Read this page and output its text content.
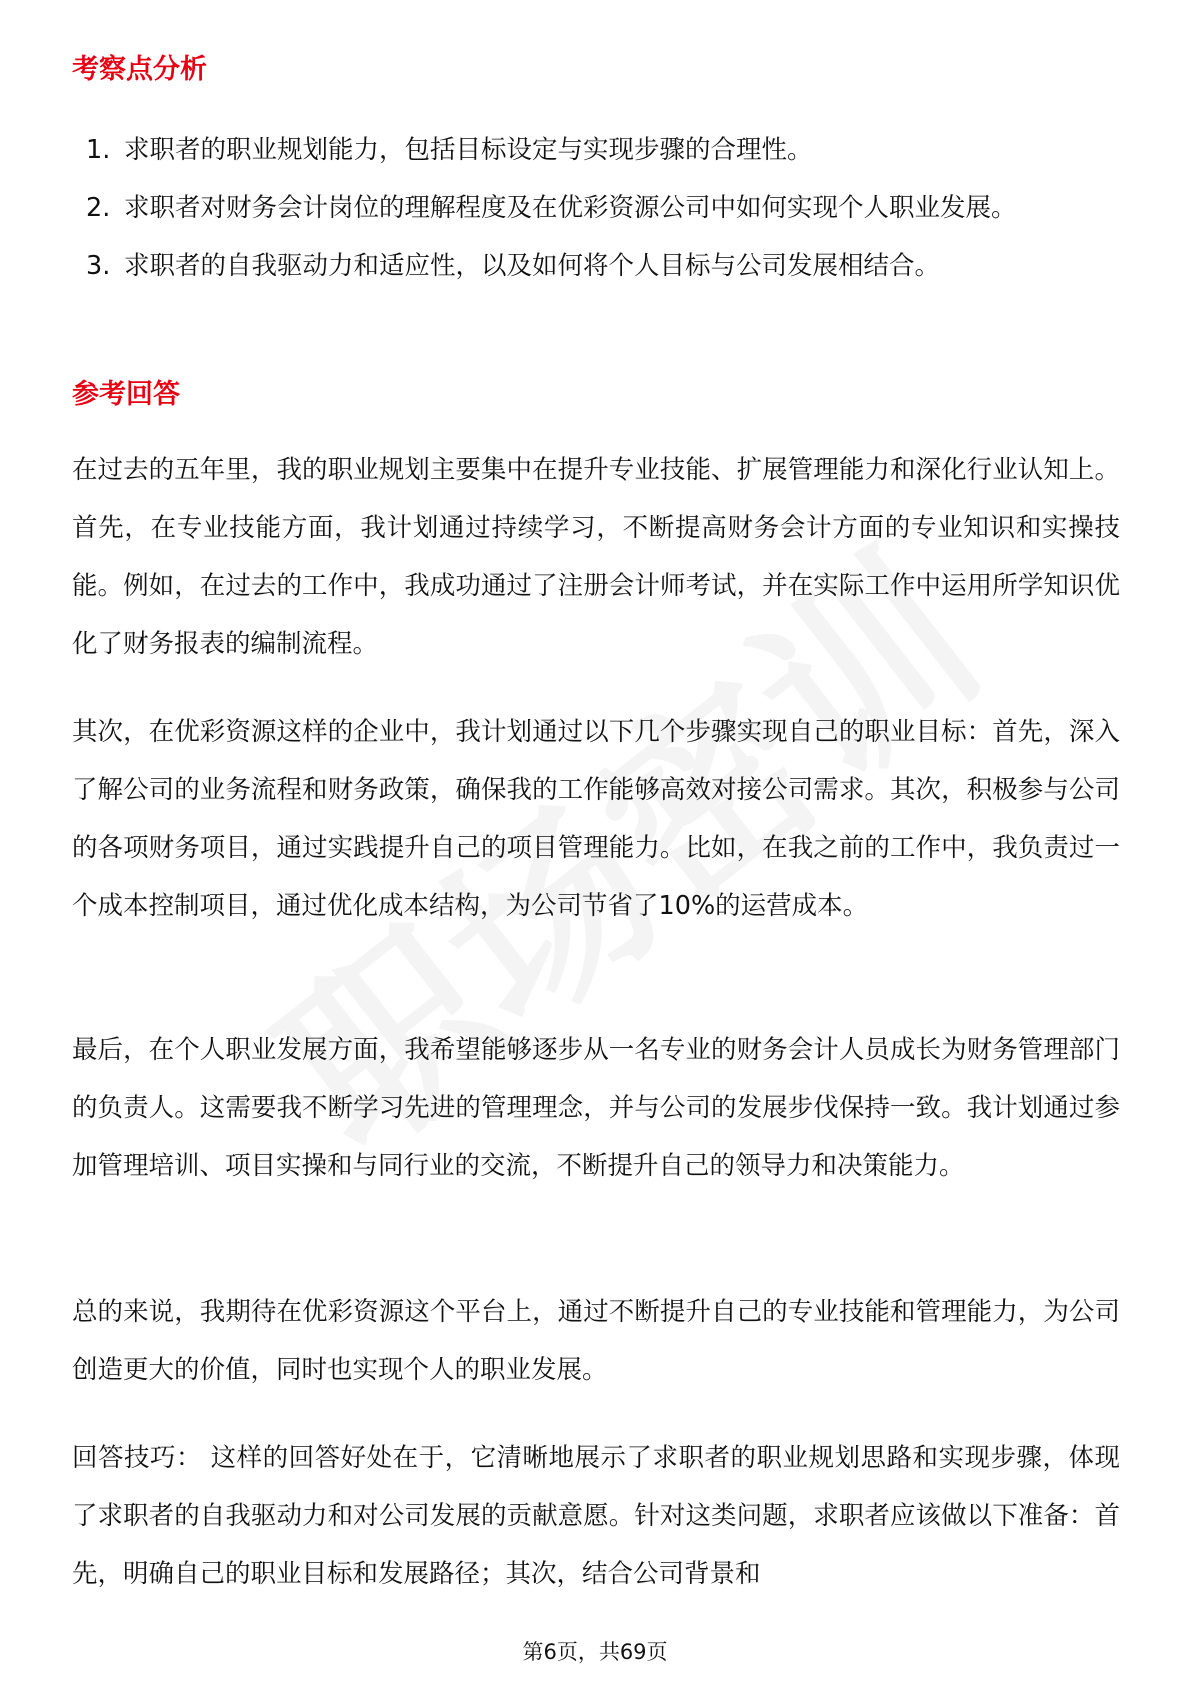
考察点分析
1. 求职者的职业规划能力，包括目标设定与实现步骤的合理性。
2. 求职者对财务会计岗位的理解程度及在优彩资源公司中如何实现个人职业发展。
3. 求职者的自我驱动力和适应性，以及如何将个人目标与公司发展相结合。
参考回答

在过去的五年里，我的职业规划主要集中在提升专业技能、扩展管理能力和深化行业认知上。首先，在专业技能方面，我计划通过持续学习，不断提高财务会计方面的专业知识和实操技能。例如，在过去的工作中，我成功通过了注册会计师考试，并在实际工作中运用所学知识优化了财务报表的编制流程。

其次，在优彩资源这样的企业中，我计划通过以下几个步骤实现自己的职业目标：首先，深入了解公司的业务流程和财务政策，确保我的工作能够高效对接公司需求。其次，积极参与公司的各项财务项目，通过实践提升自己的项目管理能力。比如，在我之前的工作中，我负责过一个成本控制项目，通过优化成本结构，为公司节省了10%的运营成本。

最后，在个人职业发展方面，我希望能够逐步从一名专业的财务会计人员成长为财务管理部门的负责人。这需要我不断学习先进的管理理念，并与公司的发展步伐保持一致。我计划通过参加管理培训、项目实操和与同行业的交流，不断提升自己的领导力和决策能力。

总的来说，我期待在优彩资源这个平台上，通过不断提升自己的专业技能和管理能力，为公司创造更大的价值，同时也实现个人的职业发展。

回答技巧： 这样的回答好处在于，它清晰地展示了求职者的职业规划思路和实现步骤，体现了求职者的自我驱动力和对公司发展的贡献意愿。针对这类问题，求职者应该做以下准备：首先，明确自己的职业目标和发展路径；其次，结合公司背景和

第6页，共69页
